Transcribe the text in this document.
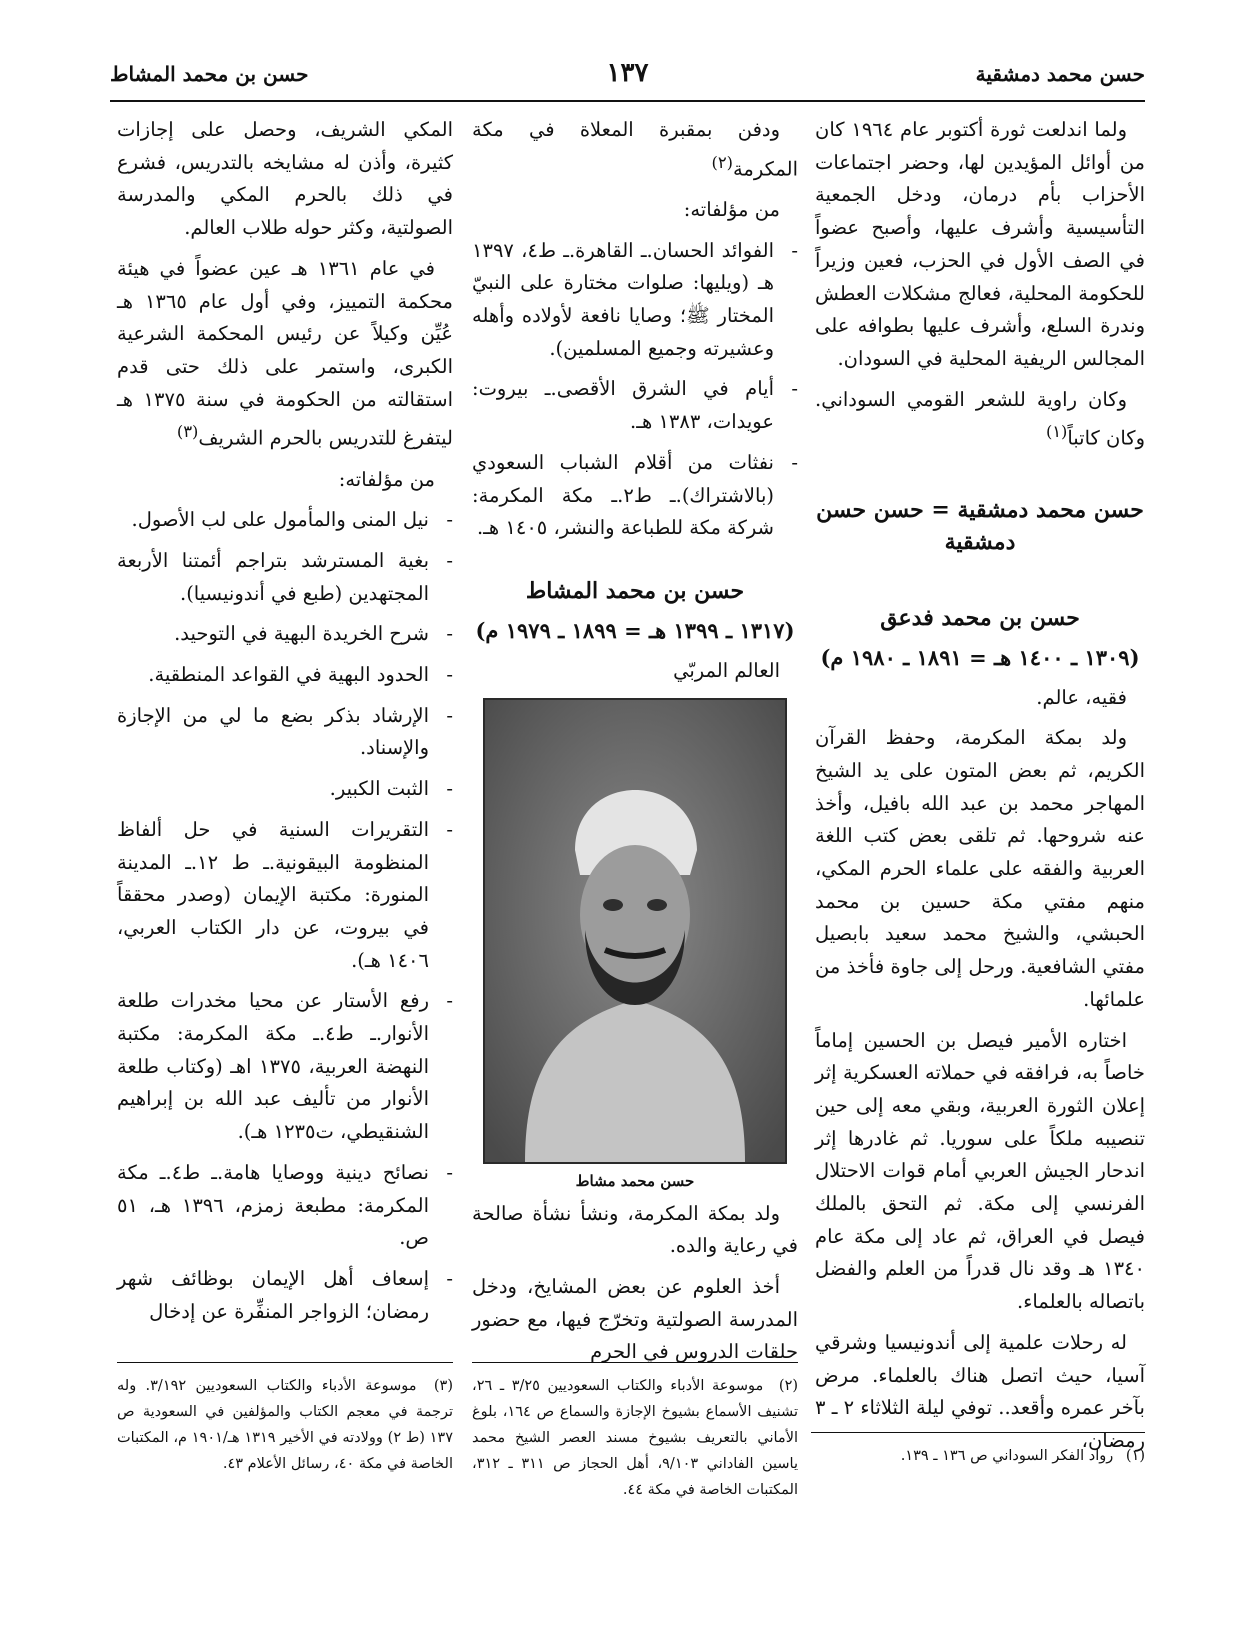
حسن محمد دمشقية
١٣٧
حسن بن محمد المشاط

ولما اندلعت ثورة أكتوبر عام ١٩٦٤ كان من أوائل المؤيدين لها، وحضر اجتماعات الأحزاب بأم درمان، ودخل الجمعية التأسيسية وأشرف عليها، وأصبح عضواً في الصف الأول في الحزب، فعين وزيراً للحكومة المحلية، فعالج مشكلات العطش وندرة السلع، وأشرف عليها بطوافه على المجالس الريفية المحلية في السودان.

وكان راوية للشعر القومي السوداني. وكان كاتباً$^{(١)}$

حسن محمد دمشقية = حسن حسن دمشقية
حسن بن محمد فدعق
(١٣٠٩ ـ ١٤٠٠ هـ = ١٨٩١ ـ ١٩٨٠ م)

فقيه، عالم.

ولد بمكة المكرمة، وحفظ القرآن الكريم، ثم بعض المتون على يد الشيخ المهاجر محمد بن عبد الله بافيل، وأخذ عنه شروحها. ثم تلقى بعض كتب اللغة العربية والفقه على علماء الحرم المكي، منهم مفتي مكة حسين بن محمد الحبشي، والشيخ محمد سعيد بابصيل مفتي الشافعية. ورحل إلى جاوة فأخذ من علمائها.

اختاره الأمير فيصل بن الحسين إماماً خاصاً به، فرافقه في حملاته العسكرية إثر إعلان الثورة العربية، وبقي معه إلى حين تنصيبه ملكاً على سوريا. ثم غادرها إثر اندحار الجيش العربي أمام قوات الاحتلال الفرنسي إلى مكة. ثم التحق بالملك فيصل في العراق، ثم عاد إلى مكة عام ١٣٤٠ هـ وقد نال قدراً من العلم والفضل باتصاله بالعلماء.

له رحلات علمية إلى أندونيسيا وشرقي آسيا، حيث اتصل هناك بالعلماء. مرض بآخر عمره وأقعد.. توفي ليلة الثلاثاء ٢ ـ ٣ رمضان،

ودفن بمقبرة المعلاة في مكة المكرمة$^{(٢)}$

من مؤلفاته:

-
الفوائد الحسان.ـ القاهرة.ـ ط٤، ١٣٩٧ هـ (ويليها: صلوات مختارة على النبيّ المختار ﷺ؛ وصايا نافعة لأولاده وأهله وعشيرته وجميع المسلمين).
-
أيام في الشرق الأقصى.ـ بيروت: عويدات، ١٣٨٣ هـ.
-
نفثات من أقلام الشباب السعودي (بالاشتراك).ـ ط٢.ـ مكة المكرمة: شركة مكة للطباعة والنشر، ١٤٠٥ هـ.
حسن بن محمد المشاط
(١٣١٧ ـ ١٣٩٩ هـ = ١٨٩٩ ـ ١٩٧٩ م)

العالم المربّي

حسن محمد مشاط

ولد بمكة المكرمة، ونشأ نشأة صالحة في رعاية والده.

أخذ العلوم عن بعض المشايخ، ودخل المدرسة الصولتية وتخرّج فيها، مع حضور حلقات الدروس في الحرم

المكي الشريف، وحصل على إجازات كثيرة، وأذن له مشايخه بالتدريس، فشرع في ذلك بالحرم المكي والمدرسة الصولتية، وكثر حوله طلاب العالم.

في عام ١٣٦١ هـ عين عضواً في هيئة محكمة التمييز، وفي أول عام ١٣٦٥ هـ عُيِّن وكيلاً عن رئيس المحكمة الشرعية الكبرى، واستمر على ذلك حتى قدم استقالته من الحكومة في سنة ١٣٧٥ هـ ليتفرغ للتدريس بالحرم الشريف$^{(٣)}$

من مؤلفاته:

-
نيل المنى والمأمول على لب الأصول.
-
بغية المسترشد بتراجم أئمتنا الأربعة المجتهدين (طبع في أندونيسيا).
-
شرح الخريدة البهية في التوحيد.
-
الحدود البهية في القواعد المنطقية.
-
الإرشاد بذكر بضع ما لي من الإجازة والإسناد.
-
الثبت الكبير.
-
التقريرات السنية في حل ألفاظ المنظومة البيقونية.ـ ط ١٢.ـ المدينة المنورة: مكتبة الإيمان (وصدر محققاً في بيروت، عن دار الكتاب العربي، ١٤٠٦ هـ).
-
رفع الأستار عن محيا مخدرات طلعة الأنوار.ـ ط٤.ـ مكة المكرمة: مكتبة النهضة العربية، ١٣٧٥ اهـ (وكتاب طلعة الأنوار من تأليف عبد الله بن إبراهيم الشنقيطي، ت١٢٣٥ هـ).
-
نصائح دينية ووصايا هامة.ـ ط٤.ـ مكة المكرمة: مطبعة زمزم، ١٣٩٦ هـ، ٥١ ص.
-
إسعاف أهل الإيمان بوظائف شهر رمضان؛ الزواجر المنفِّرة عن إدخال
(١) رواد الفكر السوداني ص ١٣٦ ـ ١٣٩.
(٢) موسوعة الأدباء والكتاب السعوديين ٣/٢٥ ـ ٢٦، تشنيف الأسماع بشيوخ الإجازة والسماع ص ١٦٤، بلوغ الأماني بالتعريف بشيوخ مسند العصر الشيخ محمد ياسين الفاداني ٩/١٠٣، أهل الحجاز ص ٣١١ ـ ٣١٢، المكتبات الخاصة في مكة ٤٤.
(٣) موسوعة الأدباء والكتاب السعوديين ٣/١٩٢. وله ترجمة في معجم الكتاب والمؤلفين في السعودية ص ١٣٧ (ط ٢) وولادته في الأخير ١٣١٩ هـ/١٩٠١ م، المكتبات الخاصة في مكة ٤٠، رسائل الأعلام ٤٣.
